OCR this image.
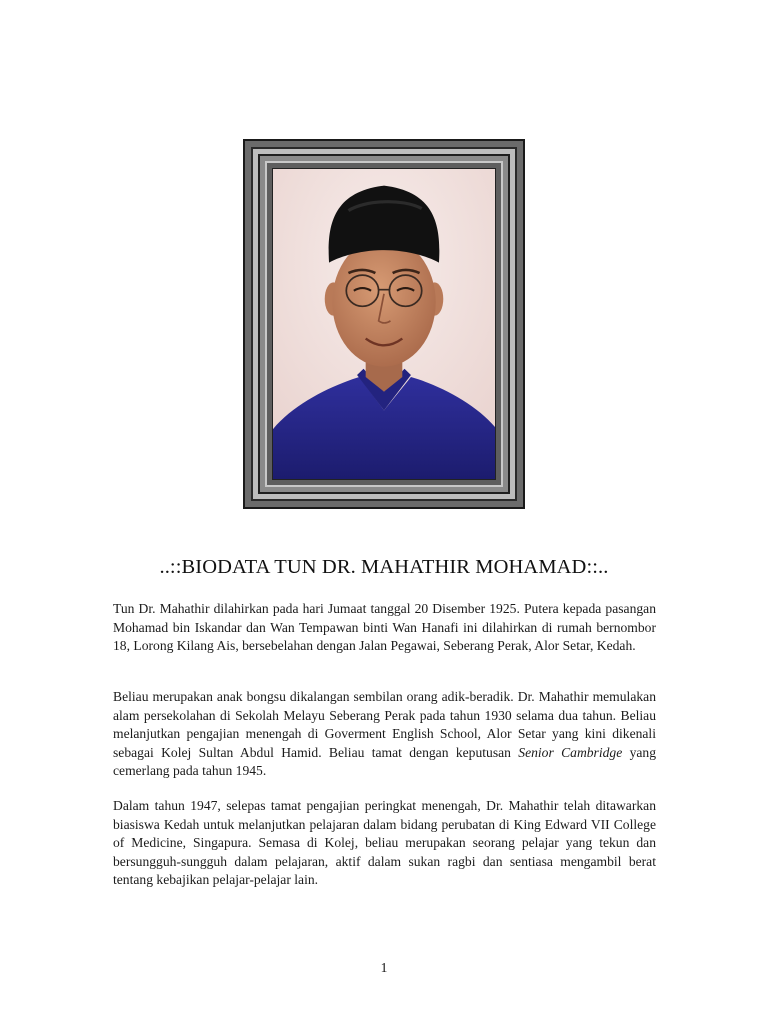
..::BIODATA TUN DR. MAHATHIR MOHAMAD::..

Tun Dr. Mahathir dilahirkan pada hari Jumaat tanggal 20 Disember 1925. Putera kepada pasangan Mohamad bin Iskandar dan Wan Tempawan binti Wan Hanafi ini dilahirkan di rumah bernombor 18, Lorong Kilang Ais, bersebelahan dengan Jalan Pegawai, Seberang Perak, Alor Setar, Kedah.

Beliau merupakan anak bongsu dikalangan sembilan orang adik-beradik. Dr. Mahathir memulakan alam persekolahan di Sekolah Melayu Seberang Perak pada tahun 1930 selama dua tahun. Beliau melanjutkan pengajian menengah di Goverment English School, Alor Setar yang kini dikenali sebagai Kolej Sultan Abdul Hamid. Beliau tamat dengan keputusan Senior Cambridge yang cemerlang pada tahun 1945.

Dalam tahun 1947, selepas tamat pengajian peringkat menengah, Dr. Mahathir telah ditawarkan biasiswa Kedah untuk melanjutkan pelajaran dalam bidang perubatan di King Edward VII College of Medicine, Singapura. Semasa di Kolej, beliau merupakan seorang pelajar yang tekun dan bersungguh-sungguh dalam pelajaran, aktif dalam sukan ragbi dan sentiasa mengambil berat tentang kebajikan pelajar-pelajar lain.

1
